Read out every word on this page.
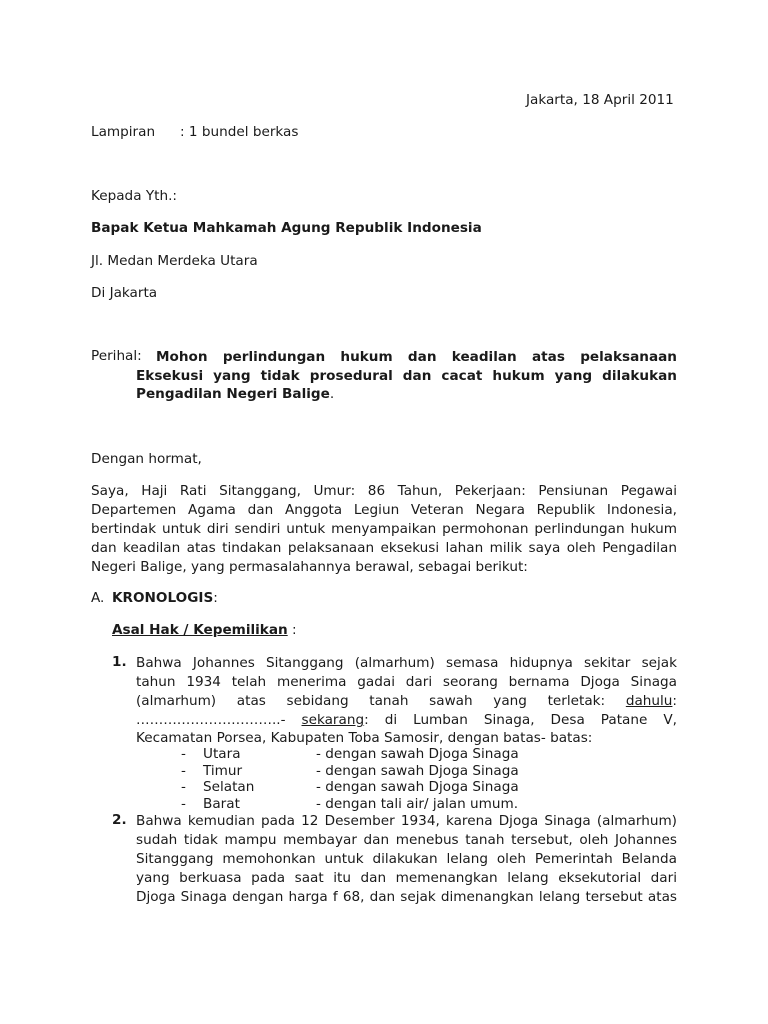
Jakarta, 18 April 2011
Lampiran : 1 bundel berkas
Kepada Yth.:
Bapak Ketua Mahkamah Agung Republik Indonesia
Jl. Medan Merdeka Utara
Di Jakarta
Perihal: Mohon perlindungan hukum dan keadilan atas pelaksanaan
Eksekusi yang tidak prosedural dan cacat hukum yang dilakukan
Pengadilan Negeri Balige.
Dengan hormat,
Saya, Haji Rati Sitanggang, Umur: 86 Tahun, Pekerjaan: Pensiunan Pegawai
Departemen Agama dan Anggota Legiun Veteran Negara Republik Indonesia,
bertindak untuk diri sendiri untuk menyampaikan permohonan perlindungan hukum
dan keadilan atas tindakan pelaksanaan eksekusi lahan milik saya oleh Pengadilan
Negeri Balige, yang permasalahannya berawal, sebagai berikut:
A. KRONOLOGIS:
Asal Hak / Kepemilikan :
1. Bahwa Johannes Sitanggang (almarhum) semasa hidupnya sekitar sejak
tahun 1934 telah menerima gadai dari seorang bernama Djoga Sinaga
(almarhum) atas sebidang tanah sawah yang terletak: dahulu:
…………………………..- sekarang: di Lumban Sinaga, Desa Patane V,
Kecamatan Porsea, Kabupaten Toba Samosir, dengan batas- batas:
- Utara	- dengan sawah Djoga Sinaga
- Timur	- dengan sawah Djoga Sinaga
- Selatan	- dengan sawah Djoga Sinaga
- Barat	- dengan tali air/ jalan umum.
2. Bahwa kemudian pada 12 Desember 1934, karena Djoga Sinaga (almarhum)
sudah tidak mampu membayar dan menebus tanah tersebut, oleh Johannes
Sitanggang memohonkan untuk dilakukan lelang oleh Pemerintah Belanda
yang berkuasa pada saat itu dan memenangkan lelang eksekutorial dari
Djoga Sinaga dengan harga f 68, dan sejak dimenangkan lelang tersebut atas
